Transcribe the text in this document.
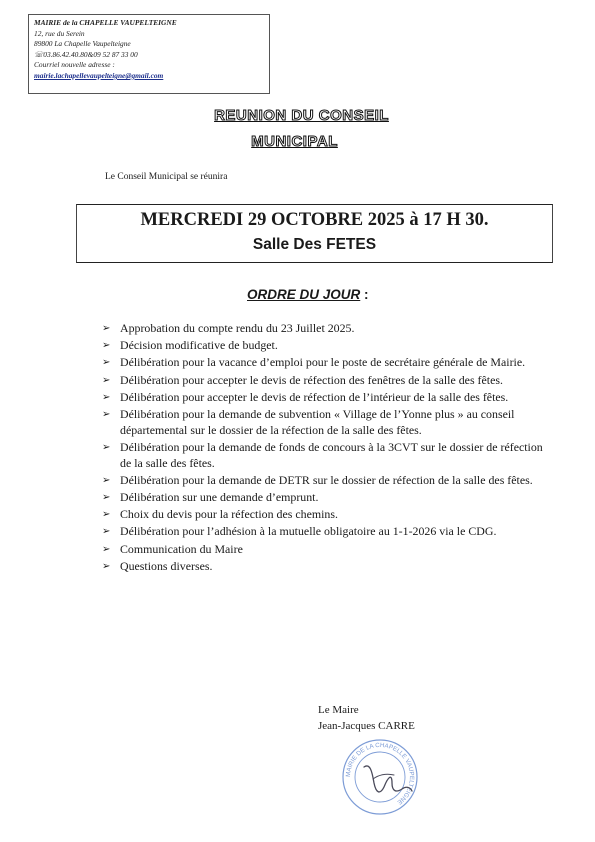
MAIRIE de la CHAPELLE VAUPELTEIGNE
12, rue du Serein
89800 La Chapelle Vaupelteigne
☏03.86.42.40.80&09 52 87 33 00
Courriel nouvelle adresse :
mairie.lachapellevaupelteigne@gmail.com
REUNION DU CONSEIL
MUNICIPAL
Le Conseil Municipal se réunira
MERCREDI 29 OCTOBRE 2025 à 17 H 30.
Salle Des FETES
ORDRE DU JOUR :
➢ Approbation du compte rendu du 23 Juillet 2025.
➢ Décision modificative de budget.
➢ Délibération pour la vacance d’emploi pour le poste de secrétaire générale de Mairie.
➢ Délibération pour accepter le devis de réfection des fenêtres de la salle des fêtes.
➢ Délibération pour accepter le devis de réfection de l’intérieur de la salle des fêtes.
➢ Délibération pour la demande de subvention « Village de l’Yonne plus » au conseil départemental sur le dossier de la réfection de la salle des fêtes.
➢ Délibération pour la demande de fonds de concours à la 3CVT sur le dossier de réfection de la salle des fêtes.
➢ Délibération pour la demande de DETR sur le dossier de réfection de la salle des fêtes.
➢ Délibération sur une demande d’emprunt.
➢ Choix du devis pour la réfection des chemins.
➢ Délibération pour l’adhésion à la mutuelle obligatoire au 1-1-2026 via le CDG.
➢ Communication du Maire
➢ Questions diverses.
Le Maire
Jean-Jacques CARRE
MAIRIE DE LA CHAPELLE VAUPELTEIGNE
